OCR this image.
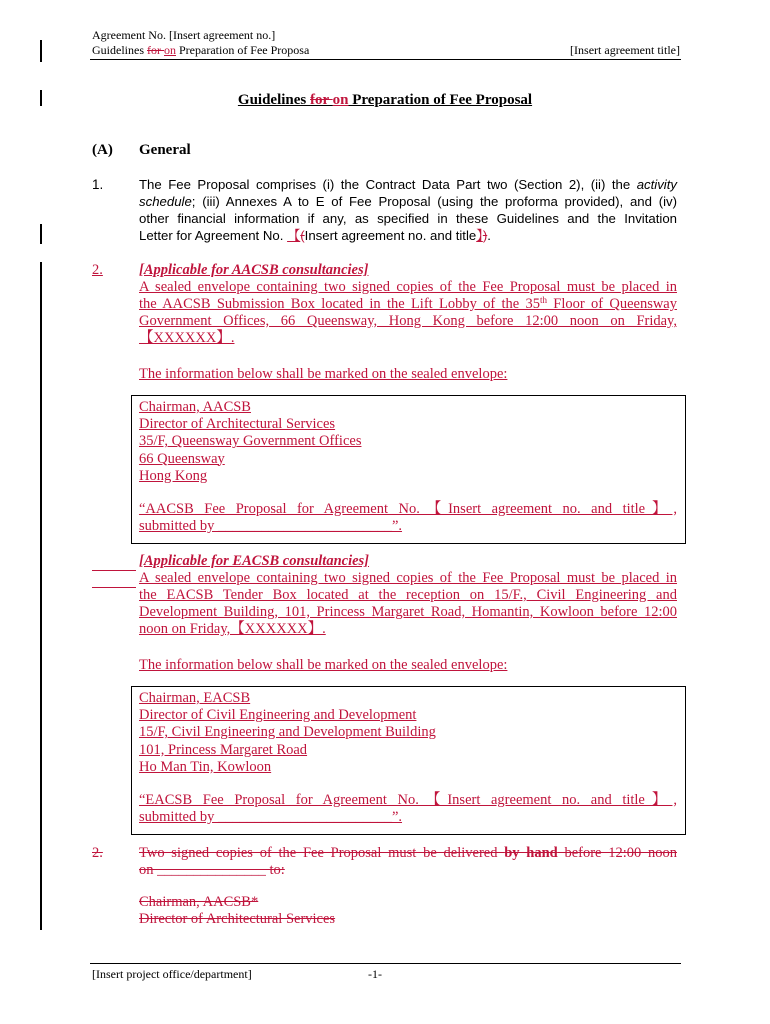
Agreement No. [Insert agreement no.]
Guidelines for on Preparation of Fee Proposa	[Insert agreement title]
Guidelines for on Preparation of Fee Proposal
(A) General
1.	The Fee Proposal comprises (i) the Contract Data Part two (Section 2), (ii) the activity
schedule; (iii) Annexes A to E of Fee Proposal (using the proforma provided), and (iv)
other financial information if any, as specified in these Guidelines and the Invitation
Letter for Agreement No. 【(Insert agreement no. and title】).
2.	[Applicable for AACSB consultancies]
A sealed envelope containing two signed copies of the Fee Proposal must be placed in
the AACSB Submission Box located in the Lift Lobby of the 35th Floor of Queensway
Government Offices, 66 Queensway, Hong Kong before 12:00 noon on Friday,
【XXXXXX】.
The information below shall be marked on the sealed envelope:
Chairman, AACSB
Director of Architectural Services
35/F, Queensway Government Offices
66 Queensway
Hong Kong
“AACSB Fee Proposal for Agreement No.【Insert agreement no. and title】,
submitted by ________________________”.
[Applicable for EACSB consultancies]
A sealed envelope containing two signed copies of the Fee Proposal must be placed in
the EACSB Tender Box located at the reception on 15/F., Civil Engineering and
Development Building, 101, Princess Margaret Road, Homantin, Kowloon before 12:00
noon on Friday,【XXXXXX】.
The information below shall be marked on the sealed envelope:
Chairman, EACSB
Director of Civil Engineering and Development
15/F, Civil Engineering and Development Building
101, Princess Margaret Road
Ho Man Tin, Kowloon
“EACSB Fee Proposal for Agreement No.【Insert agreement no. and title】,
submitted by ________________________”.
2. Two signed copies of the Fee Proposal must be delivered by hand before 12:00 noon
on _______________ to:
Chairman, AACSB*
Director of Architectural Services
[Insert project office/department]	-1-
